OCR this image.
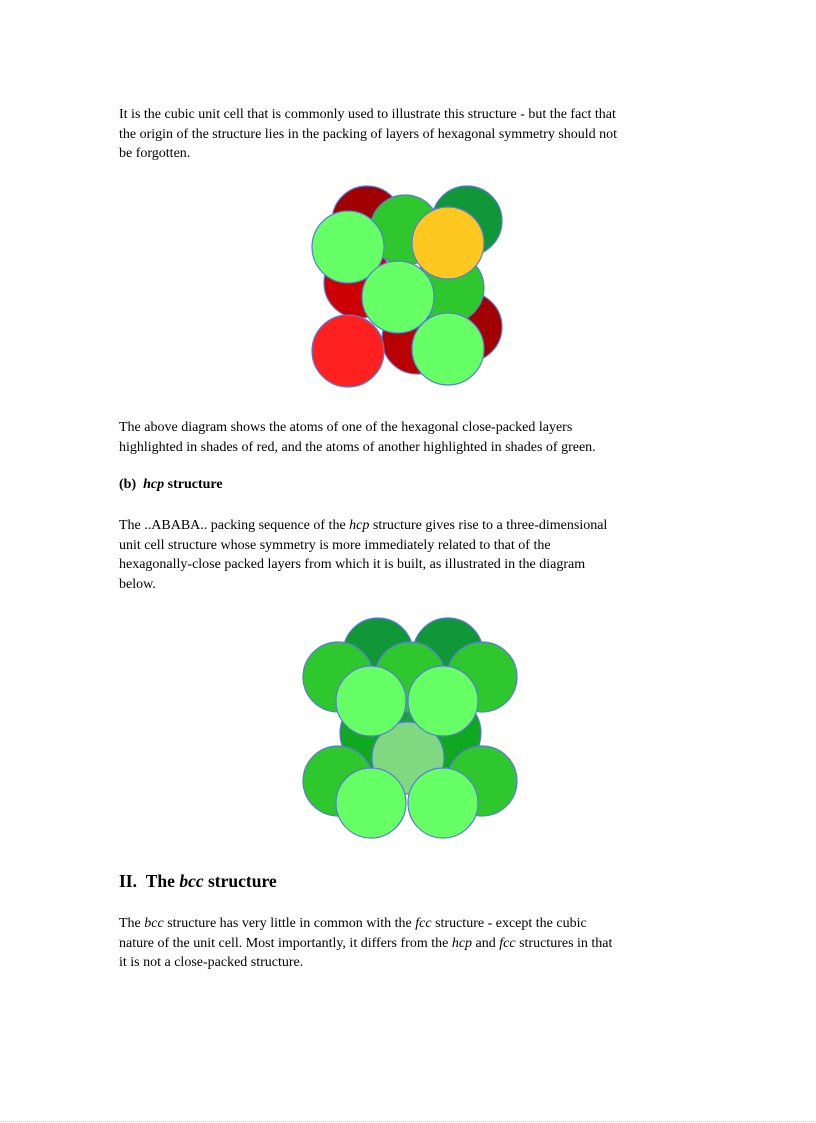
It is the cubic unit cell that is commonly used to illustrate this structure - but the fact that
the origin of the structure lies in the packing of layers of hexagonal symmetry should not
be forgotten.

The above diagram shows the atoms of one of the hexagonal close-packed layers
highlighted in shades of red, and the atoms of another highlighted in shades of green.

(b) hcp structure

The ..ABABA.. packing sequence of the hcp structure gives rise to a three-dimensional
unit cell structure whose symmetry is more immediately related to that of the
hexagonally-close packed layers from which it is built, as illustrated in the diagram
below.

II. The bcc structure

The bcc structure has very little in common with the fcc structure - except the cubic
nature of the unit cell. Most importantly, it differs from the hcp and fcc structures in that
it is not a close-packed structure.
